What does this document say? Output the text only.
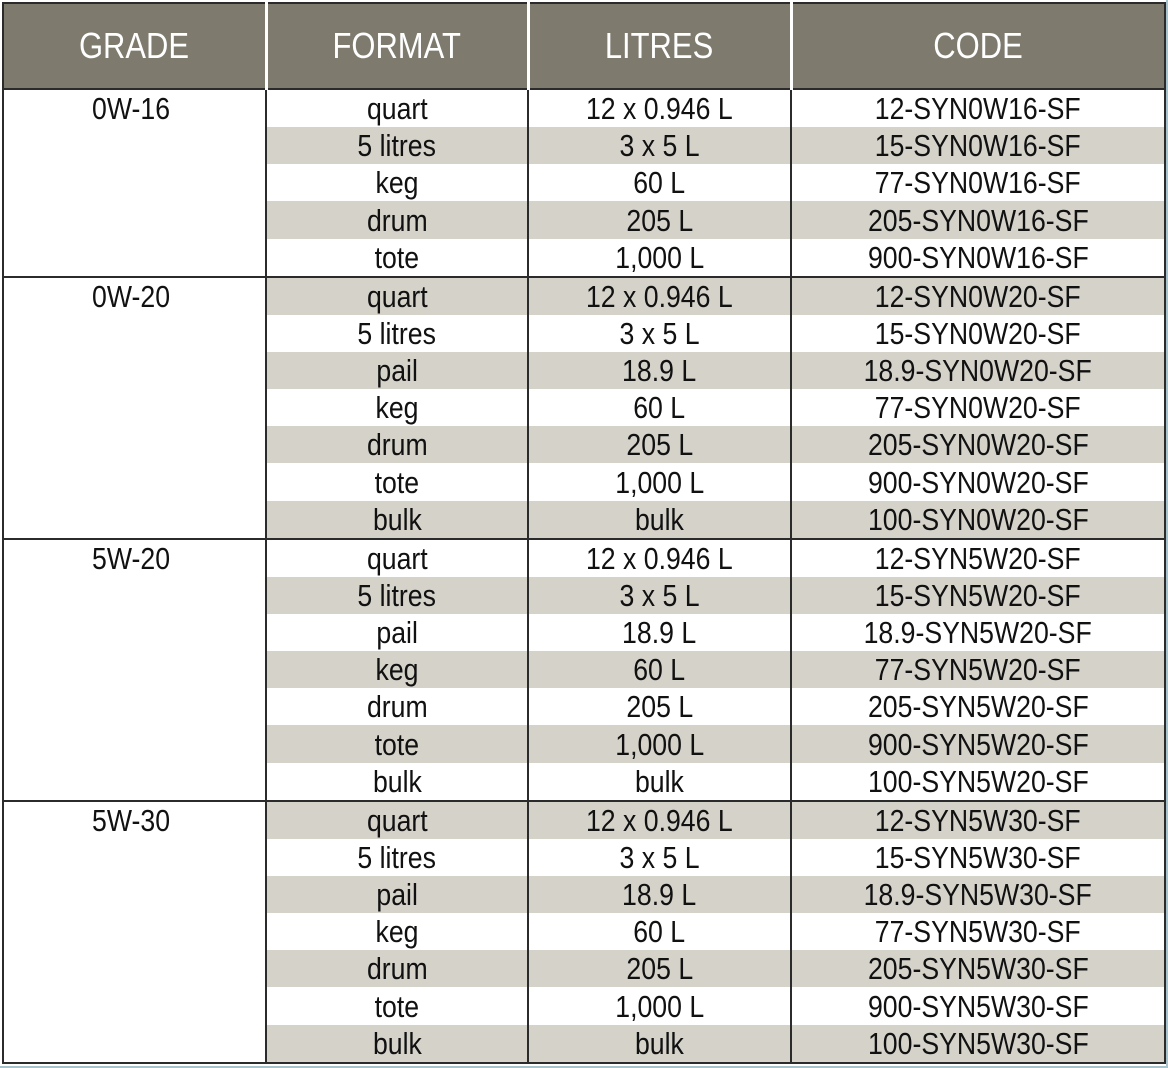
GRADE	FORMAT	LITRES	CODE
0W-16	quart	12 x 0.946 L	12-SYN0W16-SF
	5 litres	3 x 5 L	15-SYN0W16-SF
	keg	60 L	77-SYN0W16-SF
	drum	205 L	205-SYN0W16-SF
	tote	1,000 L	900-SYN0W16-SF
0W-20	quart	12 x 0.946 L	12-SYN0W20-SF
	5 litres	3 x 5 L	15-SYN0W20-SF
	pail	18.9 L	18.9-SYN0W20-SF
	keg	60 L	77-SYN0W20-SF
	drum	205 L	205-SYN0W20-SF
	tote	1,000 L	900-SYN0W20-SF
	bulk	bulk	100-SYN0W20-SF
5W-20	quart	12 x 0.946 L	12-SYN5W20-SF
	5 litres	3 x 5 L	15-SYN5W20-SF
	pail	18.9 L	18.9-SYN5W20-SF
	keg	60 L	77-SYN5W20-SF
	drum	205 L	205-SYN5W20-SF
	tote	1,000 L	900-SYN5W20-SF
	bulk	bulk	100-SYN5W20-SF
5W-30	quart	12 x 0.946 L	12-SYN5W30-SF
	5 litres	3 x 5 L	15-SYN5W30-SF
	pail	18.9 L	18.9-SYN5W30-SF
	keg	60 L	77-SYN5W30-SF
	drum	205 L	205-SYN5W30-SF
	tote	1,000 L	900-SYN5W30-SF
	bulk	bulk	100-SYN5W30-SF
